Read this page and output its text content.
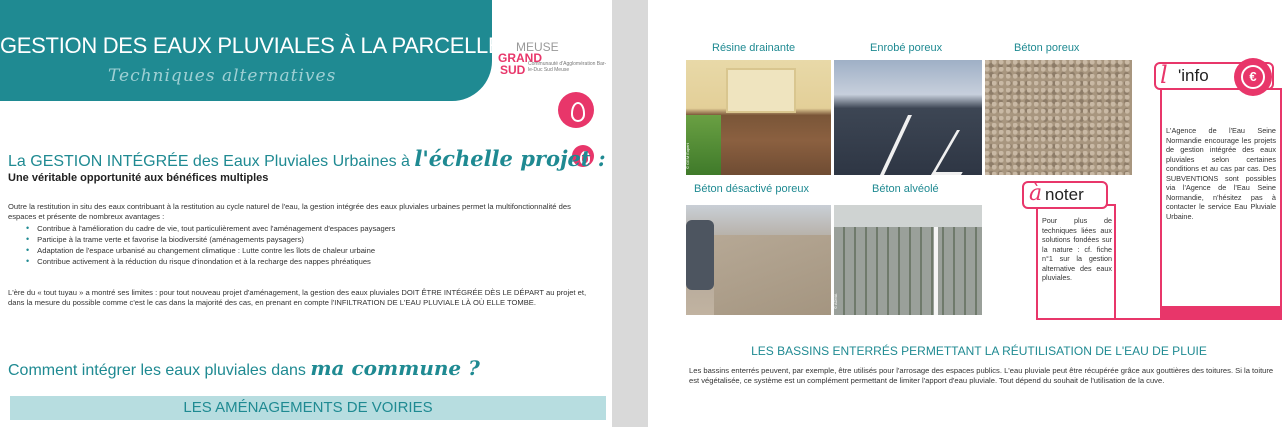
GESTION DES EAUX PLUVIALES À LA PARCELLE
Techniques alternatives
MEUSE
GRAND
SUD Communauté d'Agglomération Bar-le-Duc Sud Meuse
La GESTION INTÉGRÉE des Eaux Pluviales Urbaines à l'échelle projet :
Une véritable opportunité aux bénéfices multiples
Outre la restitution in situ des eaux contribuant à la restitution au cycle naturel de l'eau, la gestion intégrée des eaux pluviales urbaines permet la multifonctionnalité des espaces et présente de nombreux avantages :
• Contribue à l'amélioration du cadre de vie, tout particulièrement avec l'aménagement d'espaces paysagers
• Participe à la trame verte et favorise la biodiversité (aménagements paysagers)
• Adaptation de l'espace urbanisé au changement climatique : Lutte contre les îlots de chaleur urbaine
• Contribue activement à la réduction du risque d'inondation et à la recharge des nappes phréatiques
L'ère du « tout tuyau » a montré ses limites : pour tout nouveau projet d'aménagement, la gestion des eaux pluviales DOIT ÊTRE INTÉGRÉE DÈS LE DÉPART au projet et, dans la mesure du possible comme c'est le cas dans la majorité des cas, en prenant en compte l'INFILTRATION DE L'EAU PLUVIALE LÀ OÙ ELLE TOMBE.
Comment intégrer les eaux pluviales dans ma commune ?
LES AMÉNAGEMENTS DE VOIRIES
Résine drainante	Enrobé poreux	Béton poreux
Béton désactivé poreux	Béton alvéolé
© GEM Expert
© ADMA
l 'info	€
L'Agence de l'Eau Seine Normandie encourage les projets de gestion intégrée des eaux pluviales selon certaines conditions et au cas par cas. Des SUBVENTIONS sont possibles via l'Agence de l'Eau Seine Normandie, n'hésitez pas à contacter le service Eau Pluviale Urbaine.
à noter
Pour plus de techniques liées aux solutions fondées sur la nature : cf. fiche n°1 sur la gestion alternative des eaux pluviales.
LES BASSINS ENTERRÉS PERMETTANT LA RÉUTILISATION DE L'EAU DE PLUIE
Les bassins enterrés peuvent, par exemple, être utilisés pour l'arrosage des espaces publics. L'eau pluviale peut être récupérée grâce aux gouttières des toitures. Si la toiture est végétalisée, ce système est un complément permettant de limiter l'apport d'eau pluviale. Tout dépend du souhait de l'utilisation de la cuve.
